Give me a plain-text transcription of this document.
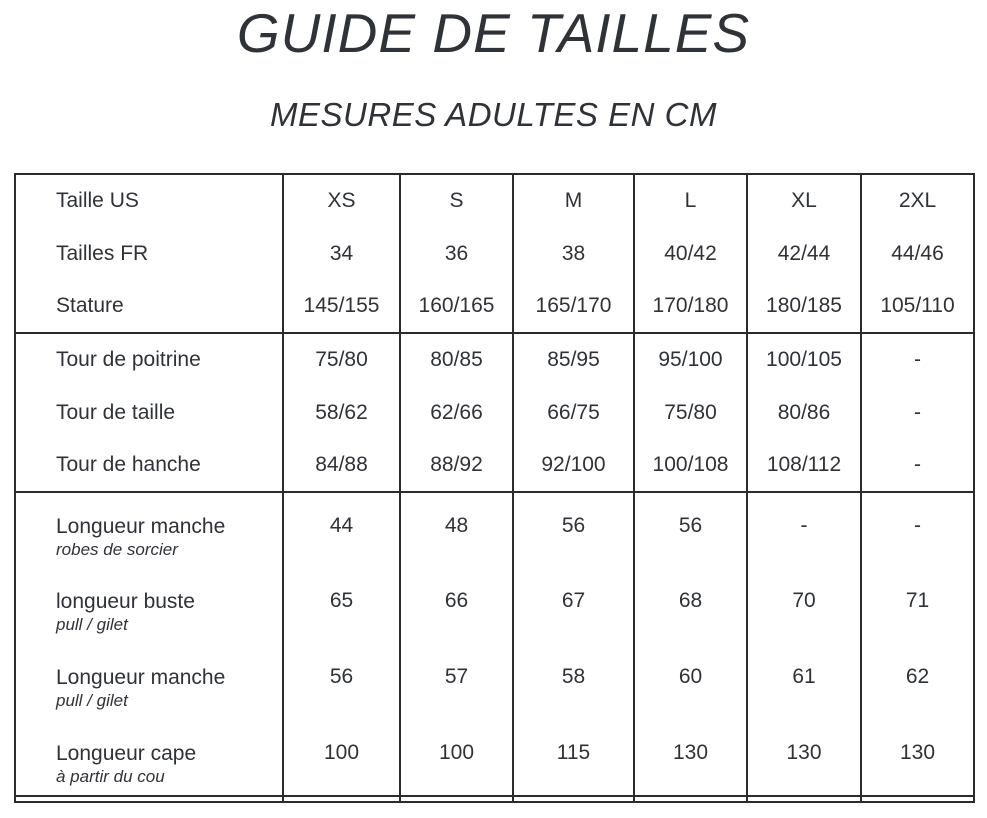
GUIDE DE TAILLES
MESURES ADULTES EN CM
Taille US	XS	S	M	L	XL	2XL
Tailles FR	34	36	38	40/42	42/44	44/46
Stature	145/155	160/165	165/170	170/180	180/185	105/110
Tour de poitrine	75/80	80/85	85/95	95/100	100/105	-
Tour de taille	58/62	62/66	66/75	75/80	80/86	-
Tour de hanche	84/88	88/92	92/100	100/108	108/112	-

Longueur manche
robes de sorcier	44	48	56	56	-	-

longueur buste
pull / gilet	65	66	67	68	70	71

Longueur manche
pull / gilet	56	57	58	60	61	62

Longueur cape
à partir du cou	100	100	115	130	130	130
